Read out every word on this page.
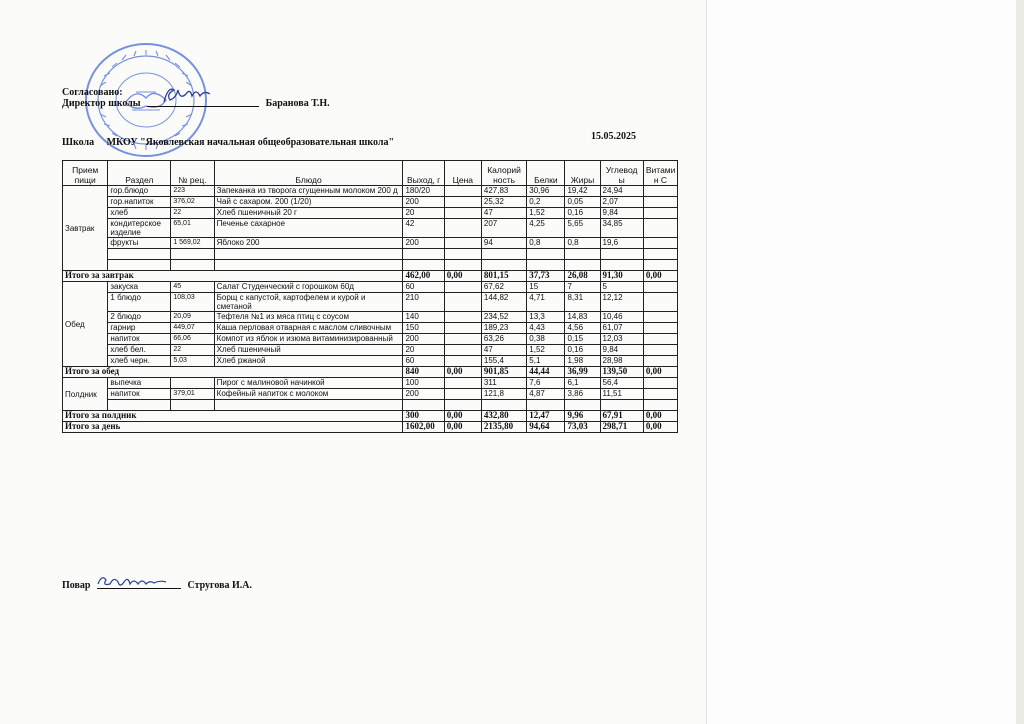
Согласовано:
Директор школы	Баранова Т.Н.
Школа МКОУ "Яковлевская начальная общеобразовательная школа"
15.05.2025
Прием пищи	Раздел	№ рец.	Блюдо	Выход, г	Цена	Калорий ность	Белки	Жиры	Углевод ы	Витами н С
Завтрак	гор.блюдо	223	Запеканка из творога сгущенным молоком 200 д	180/20		427,83	30,96	19,42	24,94	
	гор.напиток	376,02	Чай с сахаром. 200 (1/20)	200		25,32	0,2	0,05	2,07	
	хлеб	22	Хлеб пшеничный 20 г	20		47	1,52	0,16	9,84	
	кондитерское изделие	65,01	Печенье сахарное	42		207	4,25	5,65	34,85	
	фрукты	1 569,02	Яблоко 200	200		94	0,8	0,8	19,6	

Итого за завтрак				462,00	0,00	801,15	37,73	26,08	91,30	0,00
Обед	закуска	45	Салат Студенческий с горошком 60д	60		67,62	15	7	5	
	1 блюдо	108,03	Борщ с капустой, картофелем и курой и сметаной	210		144,82	4,71	8,31	12,12	
	2 блюдо	20,09	Тефтеля №1 из мяса птиц с соусом	140		234,52	13,3	14,83	10,46	
	гарнир	449,07	Каша перловая отварная с маслом сливочным	150		189,23	4,43	4,56	61,07	
	напиток	66,06	Компот из яблок и изюма витаминизированный	200		63,26	0,38	0,15	12,03	
	хлеб бел.	22	Хлеб пшеничный	20		47	1,52	0,16	9,84	
	хлеб черн.	5,03	Хлеб ржаной	60		155,4	5,1	1,98	28,98	
Итого за обед				840	0,00	901,85	44,44	36,99	139,50	0,00
Полдник	выпечка		Пирог с малиновой начинкой	100		311	7,6	6,1	56,4	
	напиток	379,01	Кофейный напиток с молоком	200		121,8	4,87	3,86	11,51	

Итого за полдник				300	0,00	432,80	12,47	9,96	67,91	0,00
Итого за день				1602,00	0,00	2135,80	94,64	73,03	298,71	0,00
Повар	Стругова И.А.
